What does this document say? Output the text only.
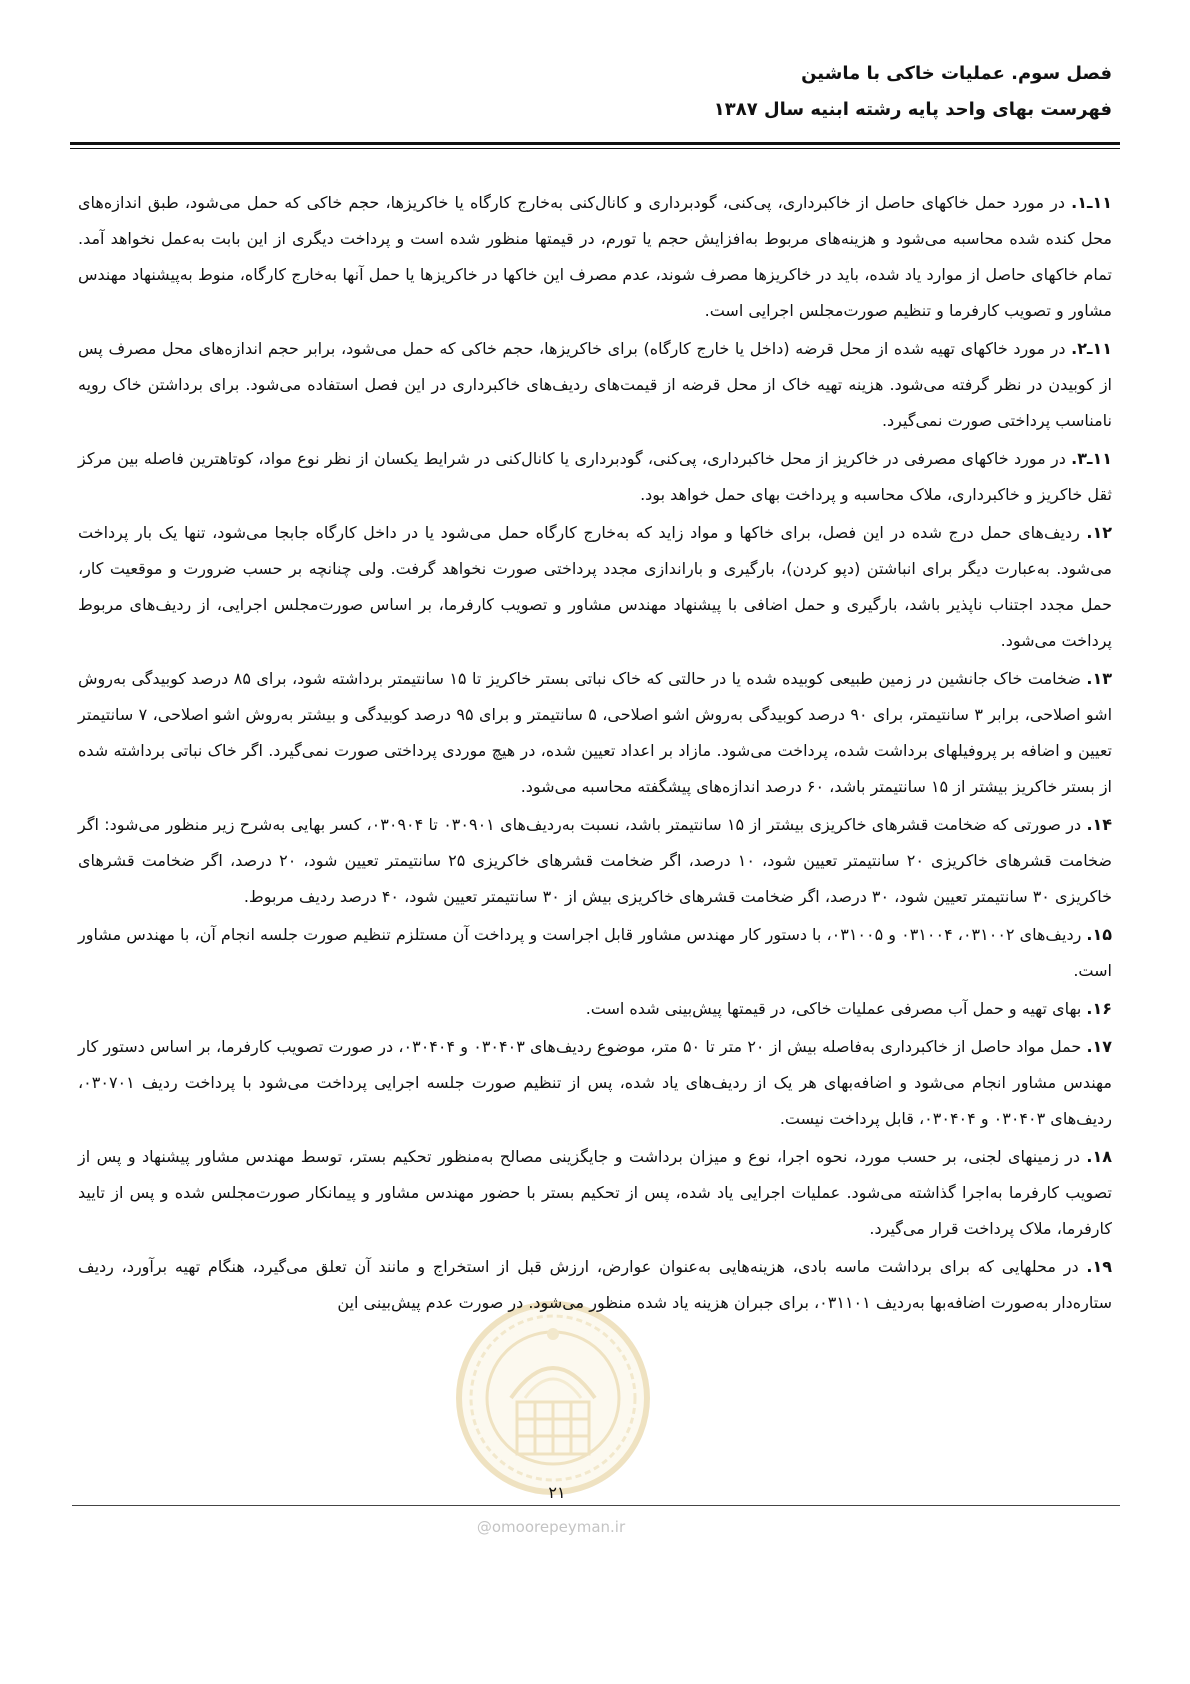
فصل سوم. عملیات خاکی با ماشین
فهرست بهای واحد پایه رشته ابنیه سال ۱۳۸۷

۱۱ـ۱. در مورد حمل خاکهای حاصل از خاکبرداری، پی‌کنی، گودبرداری و کانال‌کنی به‌خارج کارگاه یا خاکریزها، حجم خاکی که حمل می‌شود، طبق اندازه‌های محل کنده شده محاسبه می‌شود و هزینه‌های مربوط به‌افزایش حجم یا تورم، در قیمتها منظور شده است و پرداخت دیگری از این بابت به‌عمل نخواهد آمد. تمام خاکهای حاصل از موارد یاد شده، باید در خاکریزها مصرف شوند، عدم مصرف این خاکها در خاکریزها یا حمل آنها به‌خارج کارگاه، منوط به‌پیشنهاد مهندس مشاور و تصویب کارفرما و تنظیم صورت‌مجلس اجرایی است.

۱۱ـ۲. در مورد خاکهای تهیه شده از محل قرضه (داخل یا خارج کارگاه) برای خاکریزها، حجم خاکی که حمل می‌شود، برابر حجم اندازه‌های محل مصرف پس از کوبیدن در نظر گرفته می‌شود. هزینه تهیه خاک از محل قرضه از قیمت‌های ردیف‌های خاکبرداری در این فصل استفاده می‌شود. برای برداشتن خاک رویه نامناسب پرداختی صورت نمی‌گیرد.

۱۱ـ۳. در مورد خاکهای مصرفی در خاکریز از محل خاکبرداری، پی‌کنی، گودبرداری یا کانال‌کنی در شرایط یکسان از نظر نوع مواد، کوتاهترین فاصله بین مرکز ثقل خاکریز و خاکبرداری، ملاک محاسبه و پرداخت بهای حمل خواهد بود.

۱۲. ردیف‌های حمل درج شده در این فصل، برای خاکها و مواد زاید که به‌خارج کارگاه حمل می‌شود یا در داخل کارگاه جابجا می‌شود، تنها یک بار پرداخت می‌شود. به‌عبارت دیگر برای انباشتن (دپو کردن)، بارگیری و باراندازی مجدد پرداختی صورت نخواهد گرفت. ولی چنانچه بر حسب ضرورت و موقعیت کار، حمل مجدد اجتناب ناپذیر باشد، بارگیری و حمل اضافی با پیشنهاد مهندس مشاور و تصویب کارفرما، بر اساس صورت‌مجلس اجرایی، از ردیف‌های مربوط پرداخت می‌شود.

۱۳. ضخامت خاک جانشین در زمین طبیعی کوبیده شده یا در حالتی که خاک نباتی بستر خاکریز تا ۱۵ سانتیمتر برداشته شود، برای ۸۵ درصد کوبیدگی به‌روش اشو اصلاحی، برابر ۳ سانتیمتر، برای ۹۰ درصد کوبیدگی به‌روش اشو اصلاحی، ۵ سانتیمتر و برای ۹۵ درصد کوبیدگی و بیشتر به‌روش اشو اصلاحی، ۷ سانتیمتر تعیین و اضافه بر پروفیلهای برداشت شده، پرداخت می‌شود. مازاد بر اعداد تعیین شده، در هیچ موردی پرداختی صورت نمی‌گیرد. اگر خاک نباتی برداشته شده از بستر خاکریز بیشتر از ۱۵ سانتیمتر باشد، ۶۰ درصد اندازه‌های پیشگفته محاسبه می‌شود.

۱۴. در صورتی که ضخامت قشرهای خاکریزی بیشتر از ۱۵ سانتیمتر باشد، نسبت به‌ردیف‌های ۰۳۰۹۰۱ تا ۰۳۰۹۰۴، کسر بهایی به‌شرح زیر منظور می‌شود: اگر ضخامت قشرهای خاکریزی ۲۰ سانتیمتر تعیین شود، ۱۰ درصد، اگر ضخامت قشرهای خاکریزی ۲۵ سانتیمتر تعیین شود، ۲۰ درصد، اگر ضخامت قشرهای خاکریزی ۳۰ سانتیمتر تعیین شود، ۳۰ درصد، اگر ضخامت قشرهای خاکریزی بیش از ۳۰ سانتیمتر تعیین شود، ۴۰ درصد ردیف مربوط.

۱۵. ردیف‌های ۰۳۱۰۰۲، ۰۳۱۰۰۴ و ۰۳۱۰۰۵، با دستور کار مهندس مشاور قابل اجراست و پرداخت آن مستلزم تنظیم صورت جلسه انجام آن، با مهندس مشاور است.

۱۶. بهای تهیه و حمل آب مصرفی عملیات خاکی، در قیمتها پیش‌بینی شده است.

۱۷. حمل مواد حاصل از خاکبرداری به‌فاصله بیش از ۲۰ متر تا ۵۰ متر، موضوع ردیف‌های ۰۳۰۴۰۳ و ۰۳۰۴۰۴، در صورت تصویب کارفرما، بر اساس دستور کار مهندس مشاور انجام می‌شود و اضافه‌بهای هر یک از ردیف‌های یاد شده، پس از تنظیم صورت جلسه اجرایی پرداخت می‌شود با پرداخت ردیف ۰۳۰۷۰۱، ردیف‌های ۰۳۰۴۰۳ و ۰۳۰۴۰۴، قابل پرداخت نیست.

۱۸. در زمینهای لجنی، بر حسب مورد، نحوه اجرا، نوع و میزان برداشت و جایگزینی مصالح به‌منظور تحکیم بستر، توسط مهندس مشاور پیشنهاد و پس از تصویب کارفرما به‌اجرا گذاشته می‌شود. عملیات اجرایی یاد شده، پس از تحکیم بستر با حضور مهندس مشاور و پیمانکار صورت‌مجلس شده و پس از تایید کارفرما، ملاک پرداخت قرار می‌گیرد.

۱۹. در محلهایی که برای برداشت ماسه بادی، هزینه‌هایی به‌عنوان عوارض، ارزش قبل از استخراج و مانند آن تعلق می‌گیرد، هنگام تهیه برآورد، ردیف ستاره‌دار به‌صورت اضافه‌بها به‌ردیف ۰۳۱۱۰۱، برای جبران هزینه یاد شده منظور می‌شود. در صورت عدم پیش‌بینی این

۲۱
@omoorepeyman.ir
